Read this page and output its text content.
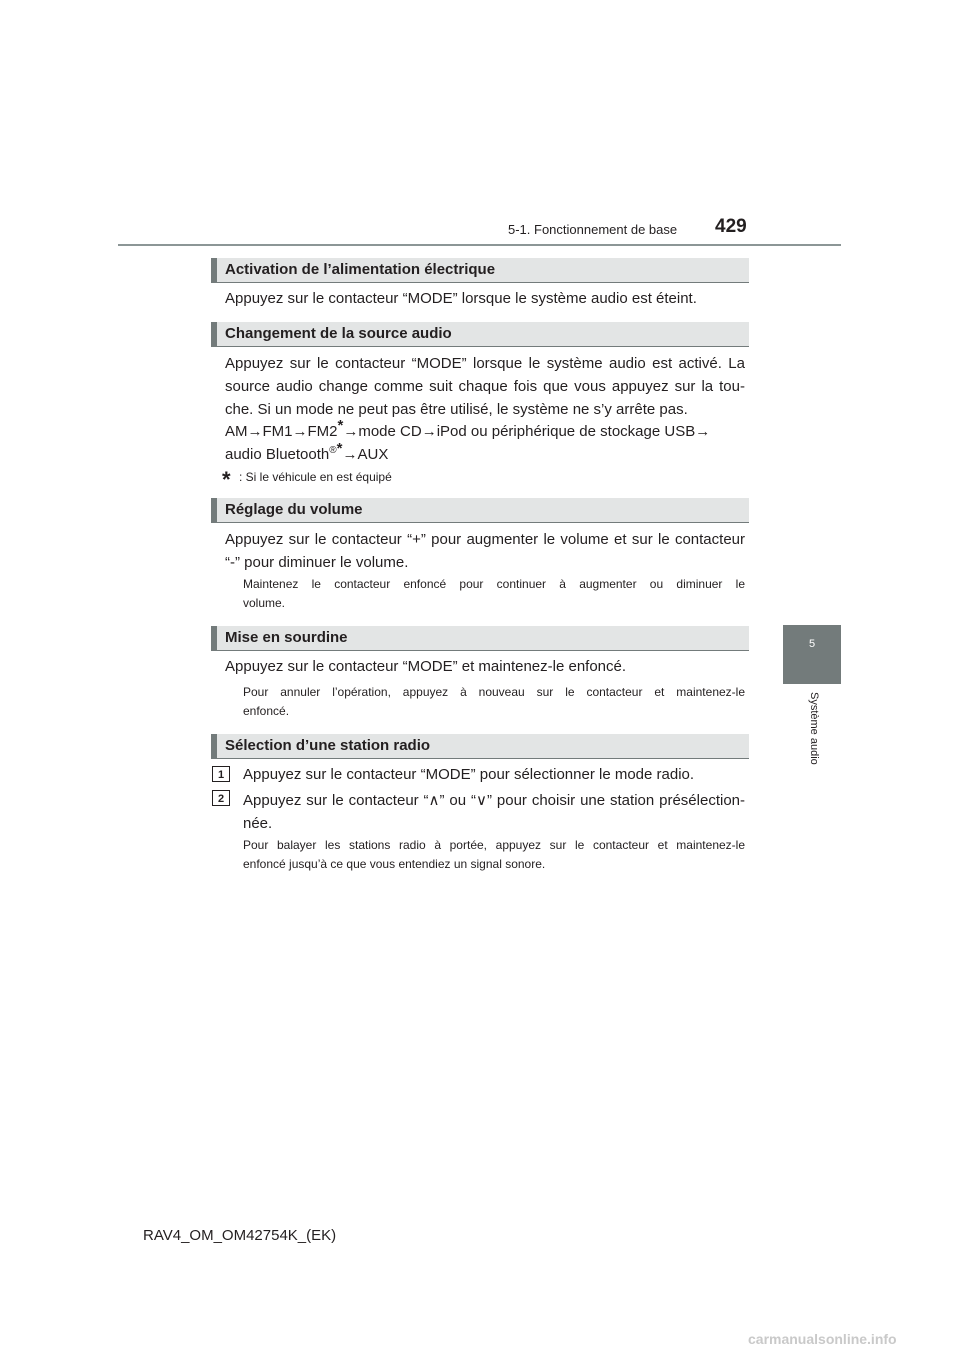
5-1. Fonctionnement de base 429
5
Système audio
Activation de l’alimentation électrique
Appuyez sur le contacteur “MODE” lorsque le système audio est éteint.
Changement de la source audio
Appuyez sur le contacteur “MODE” lorsque le système audio est activé. La
source audio change comme suit chaque fois que vous appuyez sur la tou-
che. Si un mode ne peut pas être utilisé, le système ne s’y arrête pas.
AM→FM1→FM2*→mode CD→iPod ou périphérique de stockage USB→
audio Bluetooth®*→AUX
* : Si le véhicule en est équipé
Réglage du volume
Appuyez sur le contacteur “+” pour augmenter le volume et sur le contacteur
“-” pour diminuer le volume.
Maintenez le contacteur enfoncé pour continuer à augmenter ou diminuer le
volume.
Mise en sourdine
Appuyez sur le contacteur “MODE” et maintenez-le enfoncé.
Pour annuler l’opération, appuyez à nouveau sur le contacteur et maintenez-le
enfoncé.
Sélection d’une station radio
1	Appuyez sur le contacteur “MODE” pour sélectionner le mode radio.
2	Appuyez sur le contacteur “∧” ou “∨” pour choisir une station présélection-
née.
Pour balayer les stations radio à portée, appuyez sur le contacteur et maintenez-le
enfoncé jusqu’à ce que vous entendiez un signal sonore.
RAV4_OM_OM42754K_(EK)
carmanualsonline.info
